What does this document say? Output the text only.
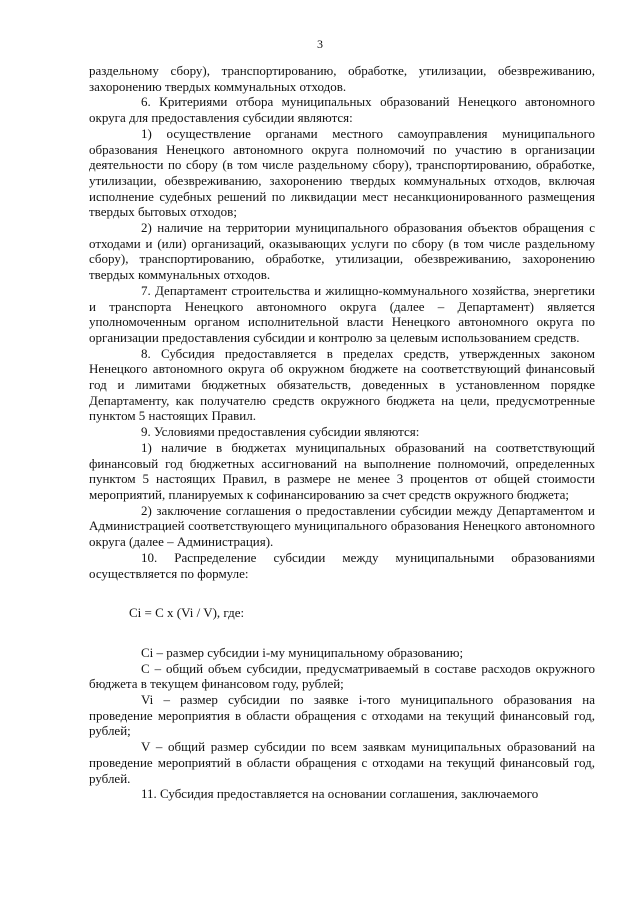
3

раздельному сбору), транспортированию, обработке, утилизации, обезвреживанию, захоронению твердых коммунальных отходов.

6. Критериями отбора муниципальных образований Ненецкого автономного округа для предоставления субсидии являются:

1) осуществление органами местного самоуправления муниципального образования Ненецкого автономного округа полномочий по участию в организации деятельности по сбору (в том числе раздельному сбору), транспортированию, обработке, утилизации, обезвреживанию, захоронению твердых коммунальных отходов, включая исполнение судебных решений по ликвидации мест несанкционированного размещения твердых бытовых отходов;

2) наличие на территории муниципального образования объектов обращения с отходами и (или) организаций, оказывающих услуги по сбору (в том числе раздельному сбору), транспортированию, обработке, утилизации, обезвреживанию, захоронению твердых коммунальных отходов.

7. Департамент строительства и жилищно-коммунального хозяйства, энергетики и транспорта Ненецкого автономного округа (далее – Департамент) является уполномоченным органом исполнительной власти Ненецкого автономного округа по организации предоставления субсидии и контролю за целевым использованием средств.

8. Субсидия предоставляется в пределах средств, утвержденных законом Ненецкого автономного округа об окружном бюджете на соответствующий финансовый год и лимитами бюджетных обязательств, доведенных в установленном порядке Департаменту, как получателю средств окружного бюджета на цели, предусмотренные пунктом 5 настоящих Правил.

9. Условиями предоставления субсидии являются:

1) наличие в бюджетах муниципальных образований на соответствующий финансовый год бюджетных ассигнований на выполнение полномочий, определенных пунктом 5 настоящих Правил, в размере не менее 3 процентов от общей стоимости мероприятий, планируемых к софинансированию за счет средств окружного бюджета;

2) заключение соглашения о предоставлении субсидии между Департаментом и Администрацией соответствующего муниципального образования Ненецкого автономного округа (далее – Администрация).

10. Распределение субсидии между муниципальными образованиями осуществляется по формуле:

Ci = C x (Vi / V), где:

Ci – размер субсидии i-му муниципальному образованию;

C – общий объем субсидии, предусматриваемый в составе расходов окружного бюджета в текущем финансовом году, рублей;

Vi – размер субсидии по заявке i-того муниципального образования на проведение мероприятия в области обращения с отходами на текущий финансовый год, рублей;

V – общий размер субсидии по всем заявкам муниципальных образований на проведение мероприятий в области обращения с отходами на текущий финансовый год, рублей.

11. Субсидия предоставляется на основании соглашения, заключаемого
